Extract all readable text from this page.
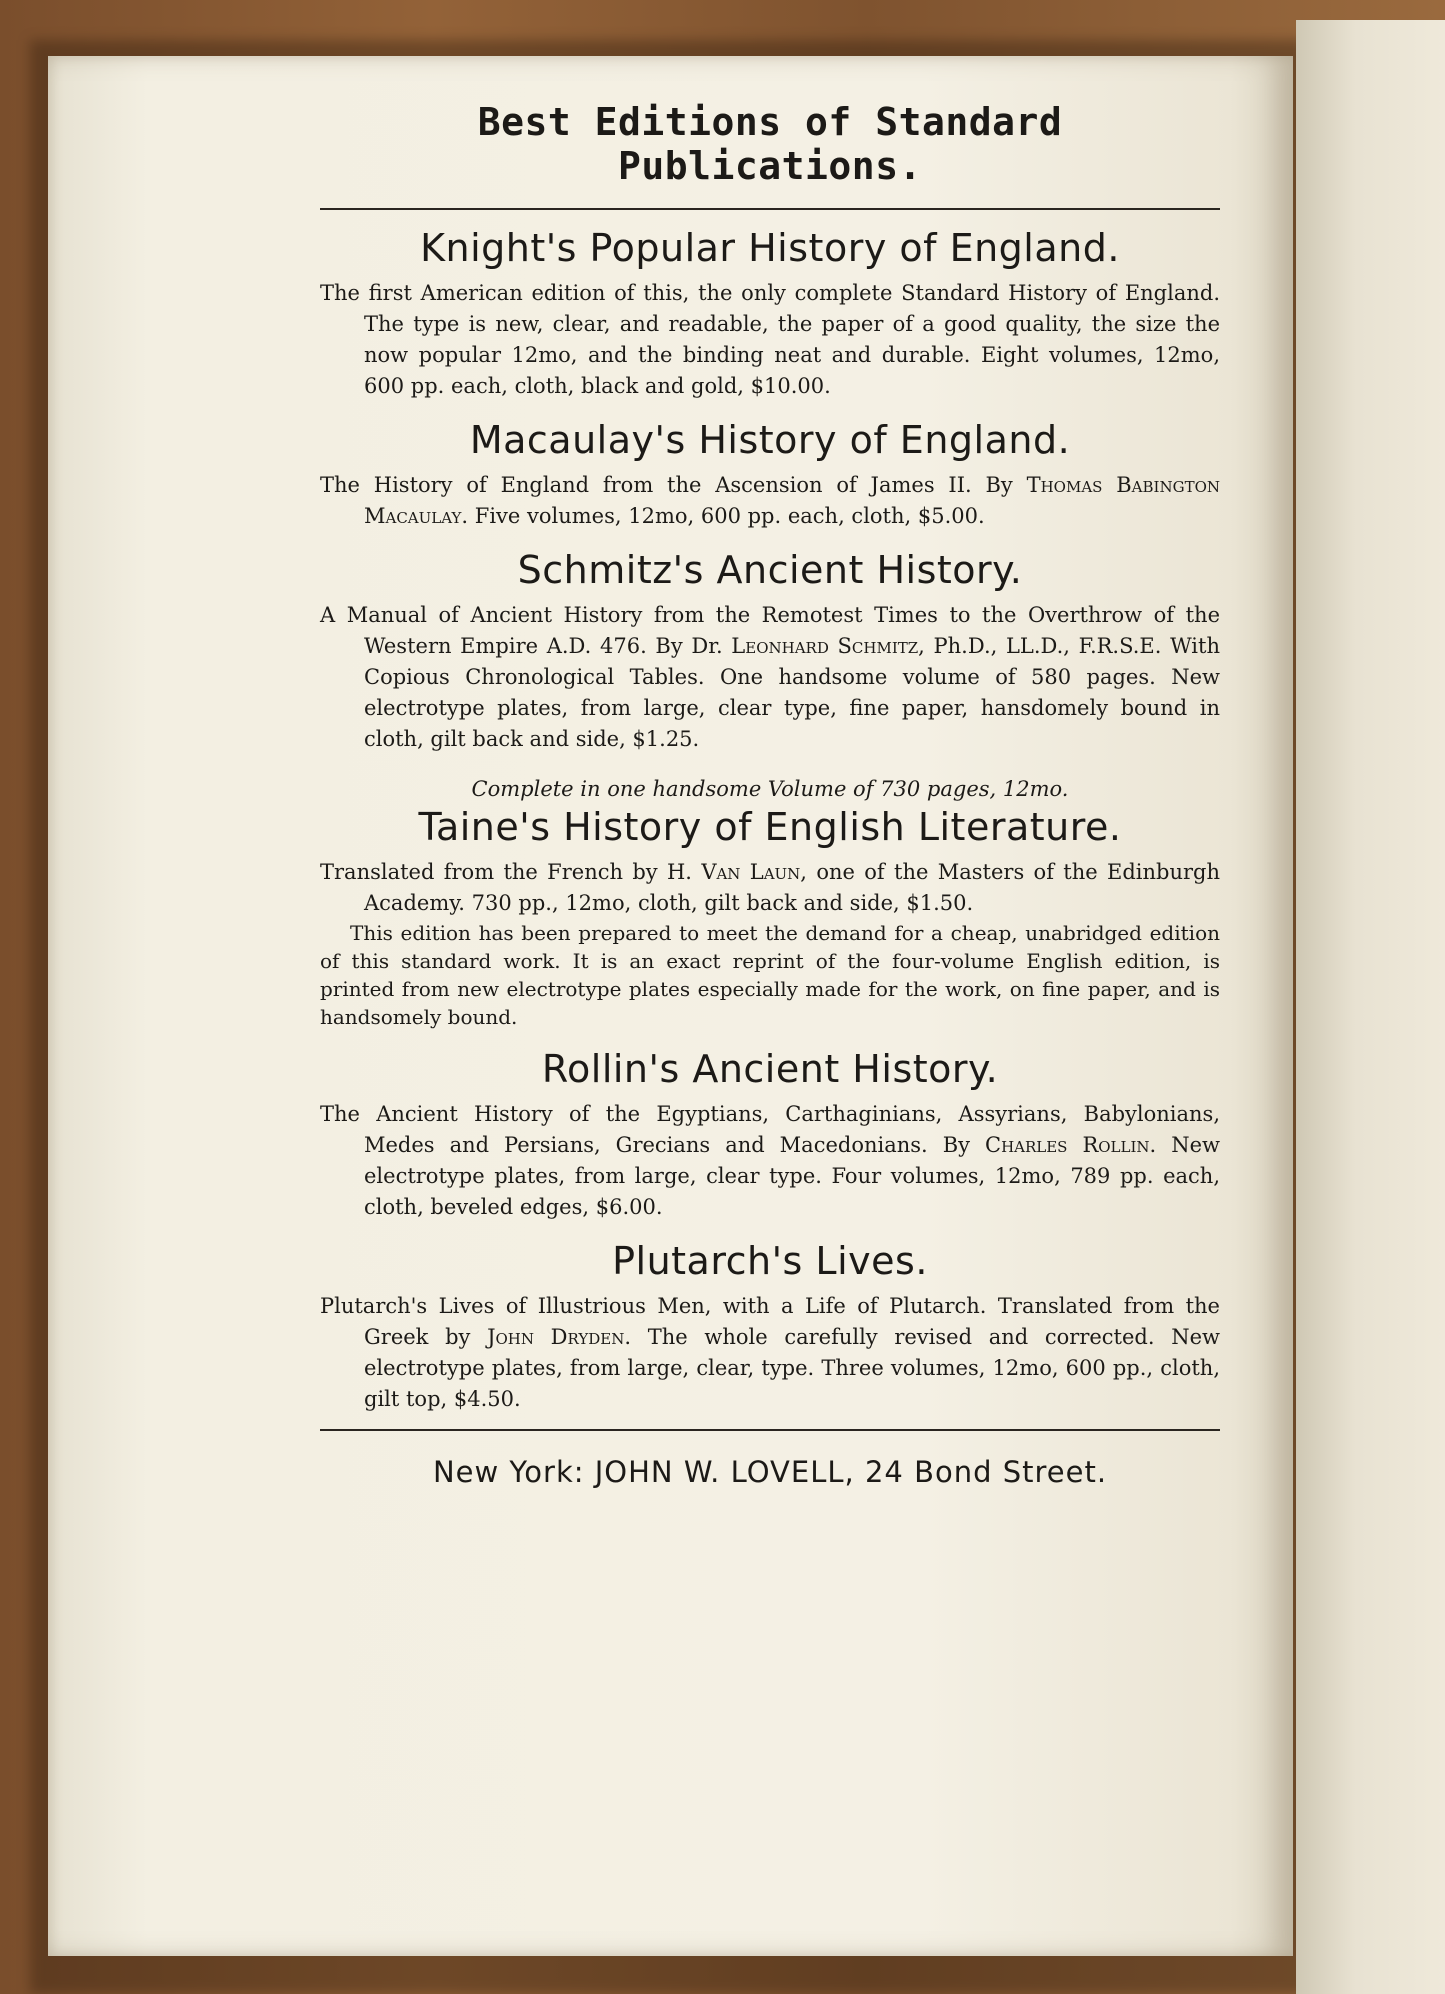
Best Editions of Standard Publications.
Knight's Popular History of England.

The first American edition of this, the only complete Standard History of England. The type is new, clear, and readable, the paper of a good quality, the size the now popular 12mo, and the binding neat and durable. Eight volumes, 12mo, 600 pp. each, cloth, black and gold, $10.00.

Macaulay's History of England.

The History of England from the Ascension of James II. By Thomas Babington Macaulay. Five volumes, 12mo, 600 pp. each, cloth, $5.00.

Schmitz's Ancient History.

A Manual of Ancient History from the Remotest Times to the Overthrow of the Western Empire A.D. 476. By Dr. Leonhard Schmitz, Ph.D., LL.D., F.R.S.E. With Copious Chronological Tables. One handsome volume of 580 pages. New electrotype plates, from large, clear type, fine paper, hansdomely bound in cloth, gilt back and side, $1.25.

Complete in one handsome Volume of 730 pages, 12mo.

Taine's History of English Literature.

Translated from the French by H. Van Laun, one of the Masters of the Edinburgh Academy. 730 pp., 12mo, cloth, gilt back and side, $1.50.

This edition has been prepared to meet the demand for a cheap, unabridged edition of this standard work. It is an exact reprint of the four-volume English edition, is printed from new electrotype plates especially made for the work, on fine paper, and is handsomely bound.

Rollin's Ancient History.

The Ancient History of the Egyptians, Carthaginians, Assyrians, Babylonians, Medes and Persians, Grecians and Macedonians. By Charles Rollin. New electrotype plates, from large, clear type. Four volumes, 12mo, 789 pp. each, cloth, beveled edges, $6.00.

Plutarch's Lives.

Plutarch's Lives of Illustrious Men, with a Life of Plutarch. Translated from the Greek by John Dryden. The whole carefully revised and corrected. New electrotype plates, from large, clear, type. Three volumes, 12mo, 600 pp., cloth, gilt top, $4.50.

New York: JOHN W. LOVELL, 24 Bond Street.
